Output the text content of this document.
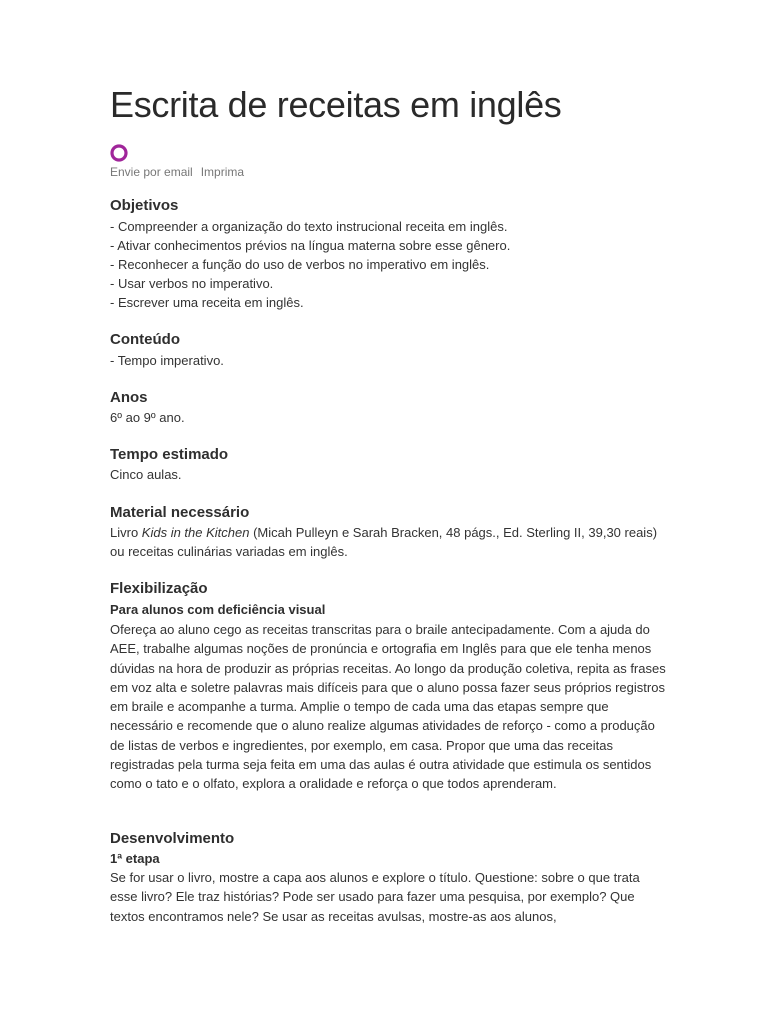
Escrita de receitas em inglês
Envie por email Imprima
Objetivos
- Compreender a organização do texto instrucional receita em inglês.
- Ativar conhecimentos prévios na língua materna sobre esse gênero.
- Reconhecer a função do uso de verbos no imperativo em inglês.
- Usar verbos no imperativo.
- Escrever uma receita em inglês.
Conteúdo
- Tempo imperativo.
Anos
6º ao 9º ano.
Tempo estimado
Cinco aulas.
Material necessário
Livro Kids in the Kitchen (Micah Pulleyn e Sarah Bracken, 48 págs., Ed. Sterling II, 39,30 reais) ou receitas culinárias variadas em inglês.
Flexibilização
Para alunos com deficiência visual
Ofereça ao aluno cego as receitas transcritas para o braile antecipadamente. Com a ajuda do AEE, trabalhe algumas noções de pronúncia e ortografia em Inglês para que ele tenha menos dúvidas na hora de produzir as próprias receitas. Ao longo da produção coletiva, repita as frases em voz alta e soletre palavras mais difíceis para que o aluno possa fazer seus próprios registros em braile e acompanhe a turma. Amplie o tempo de cada uma das etapas sempre que necessário e recomende que o aluno realize algumas atividades de reforço - como a produção de listas de verbos e ingredientes, por exemplo, em casa. Propor que uma das receitas registradas pela turma seja feita em uma das aulas é outra atividade que estimula os sentidos como o tato e o olfato, explora a oralidade e reforça o que todos aprenderam.
Desenvolvimento
1ª etapa
Se for usar o livro, mostre a capa aos alunos e explore o título. Questione: sobre o que trata esse livro? Ele traz histórias? Pode ser usado para fazer uma pesquisa, por exemplo? Que textos encontramos nele? Se usar as receitas avulsas, mostre-as aos alunos,
